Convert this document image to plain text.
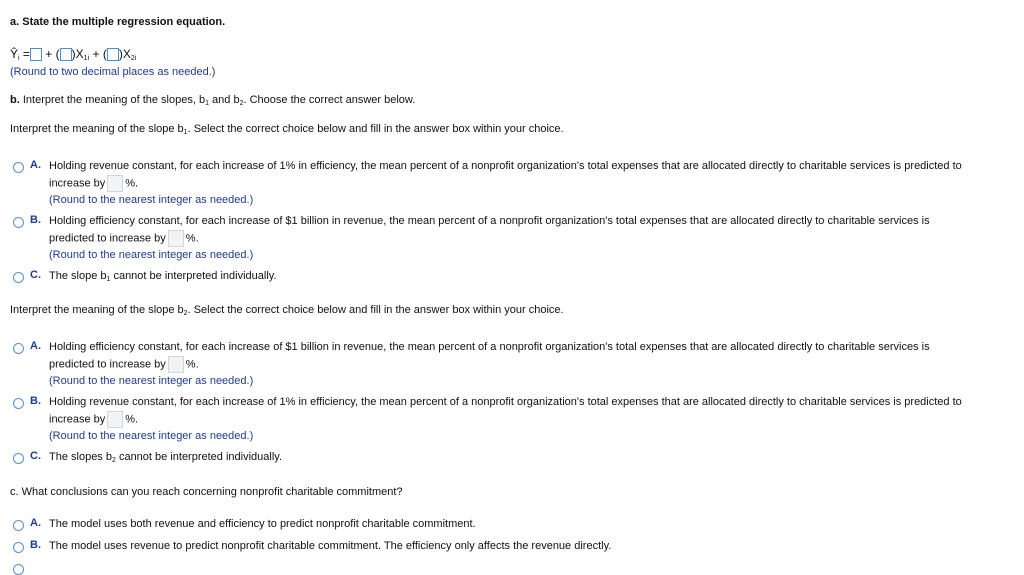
a. State the multiple regression equation.
$Ŷ_i$ = + ( )$X_{1i}$ + ( )$X_{2i}$
(Round to two decimal places as needed.)
b. Interpret the meaning of the slopes, $b_1$ and $b_2$. Choose the correct answer below.
Interpret the meaning of the slope $b_1$. Select the correct choice below and fill in the answer box within your choice.
A. Holding revenue constant, for each increase of 1% in efficiency, the mean percent of a nonprofit organization's total expenses that are allocated directly to charitable services is predicted to
increase by %.
(Round to the nearest integer as needed.)
B. Holding efficiency constant, for each increase of $1 billion in revenue, the mean percent of a nonprofit organization's total expenses that are allocated directly to charitable services is
predicted to increase by %.
(Round to the nearest integer as needed.)
C. The slope $b_1$ cannot be interpreted individually.
Interpret the meaning of the slope $b_2$. Select the correct choice below and fill in the answer box within your choice.
A. Holding efficiency constant, for each increase of $1 billion in revenue, the mean percent of a nonprofit organization's total expenses that are allocated directly to charitable services is
predicted to increase by %.
(Round to the nearest integer as needed.)
B. Holding revenue constant, for each increase of 1% in efficiency, the mean percent of a nonprofit organization's total expenses that are allocated directly to charitable services is predicted to
increase by %.
(Round to the nearest integer as needed.)
C. The slopes $b_2$ cannot be interpreted individually.
c. What conclusions can you reach concerning nonprofit charitable commitment?
A. The model uses both revenue and efficiency to predict nonprofit charitable commitment.
B. The model uses revenue to predict nonprofit charitable commitment. The efficiency only affects the revenue directly.
